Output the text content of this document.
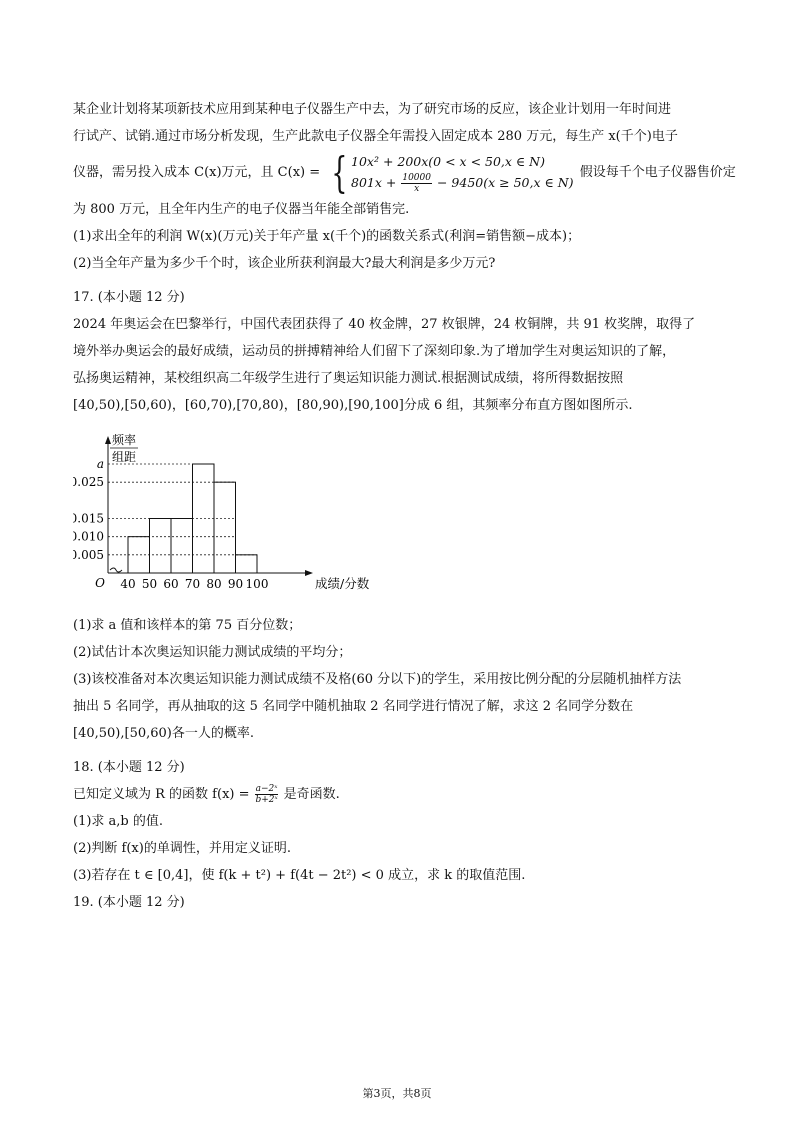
某企业计划将某项新技术应用到某种电子仪器生产中去，为了研究市场的反应，该企业计划用一年时间进
行试产、试销.通过市场分析发现，生产此款电子仪器全年需投入固定成本 280 万元，每生产 x(千个)电子
仪器，需另投入成本 C(x)万元，且 C(x) = { 10x² + 200x(0 < x < 50,x ∈ N)
$801x + \frac{10000}{x} - 9450(x \ge 50,x$ ∈ N)
假设每千个电子仪器售价定
为 800 万元，且全年内生产的电子仪器当年能全部销售完.
(1)求出全年的利润 W(x)(万元)关于年产量 x(千个)的函数关系式(利润=销售额−成本)；
(2)当全年产量为多少千个时，该企业所获利润最大?最大利润是多少万元?
17. (本小题 12 分)
2024 年奥运会在巴黎举行，中国代表团获得了 40 枚金牌，27 枚银牌，24 枚铜牌，共 91 枚奖牌，取得了
境外举办奥运会的最好成绩，运动员的拼搏精神给人们留下了深刻印象.为了增加学生对奥运知识的了解，
弘扬奥运精神，某校组织高二年级学生进行了奥运知识能力测试.根据测试成绩，将所得数据按照
[40,50),[50,60)，[60,70),[70,80)，[80,90),[90,100]分成 6 组，其频率分布直方图如图所示.
a
0.025
0.015
0.010
0.005
40 50 60 70 80 90 100
O
频率
组距
成绩/分数
(1)求 a 值和该样本的第 75 百分位数；
(2)试估计本次奥运知识能力测试成绩的平均分；
(3)该校准备对本次奥运知识能力测试成绩不及格(60 分以下)的学生，采用按比例分配的分层随机抽样方法
抽出 5 名同学，再从抽取的这 5 名同学中随机抽取 2 名同学进行情况了解，求这 2 名同学分数在
[40,50),[50,60)各一人的概率.
18. (本小题 12 分)
已知定义域为 R 的函数 $f(x) = \frac{\text{a−2ˣ}}{\text{b+2ˣ}}$ 是奇函数.
(1)求 a,b 的值.
(2)判断 f(x)的单调性，并用定义证明.
(3)若存在 t ∈ [0,4]，使 f(k + t²) + f(4t − 2t²) < 0 成立，求 k 的取值范围.
19. (本小题 12 分)
第3页，共8页
